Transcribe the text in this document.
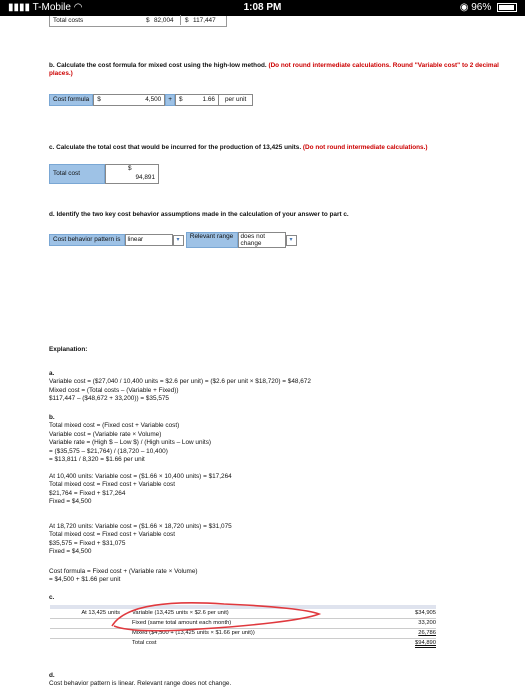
▮▮▮▮ T-Mobile ◠	1:08 PM	◉ 96%
Total costs	$ 82,004 $ 117,447
b. Calculate the cost formula for mixed cost using the high-low method. (Do not round intermediate calculations. Round "Variable cost" to 2 decimal places.)
Cost formula	$	4,500	+	$	1.66	per unit
c. Calculate the total cost that would be incurred for the production of 13,425 units. (Do not round intermediate calculations.)
Total cost
$
94,891
d. Identify the two key cost behavior assumptions made in the calculation of your answer to part c.
Cost behavior pattern is	linear	▾	Relevant range	does not change
▾
Explanation:
a.
Variable cost = ($27,040 / 10,400 units = $2.6 per unit) = ($2.6 per unit × $18,720) = $48,672
Mixed cost = (Total costs – (Variable + Fixed))
$117,447 – ($48,672 + 33,200)) = $35,575
b.
Total mixed cost = (Fixed cost + Variable cost)
Variable cost = (Variable rate × Volume)
Variable rate = (High $ – Low $) / (High units – Low units)
= ($35,575 – $21,764) / (18,720 – 10,400)
= $13,811 / 8,320 = $1.66 per unit
At 10,400 units: Variable cost = ($1.66 × 10,400 units) = $17,264
Total mixed cost = Fixed cost + Variable cost
$21,764 = Fixed + $17,264
Fixed = $4,500
At 18,720 units: Variable cost = ($1.66 × 18,720 units) = $31,075
Total mixed cost = Fixed cost + Variable cost
$35,575 = Fixed + $31,075
Fixed = $4,500
Cost formula = Fixed cost + (Variable rate × Volume)
= $4,500 + $1.66 per unit
c.
At 13,425 units	Variable (13,425 units × $2.6 per unit)	$34,905
Fixed (same total amount each month)	33,200
Mixed ($4,500 + (13,425 units × $1.66 per unit))	26,786
Total cost	$94,890
d.
Cost behavior pattern is linear. Relevant range does not change.
